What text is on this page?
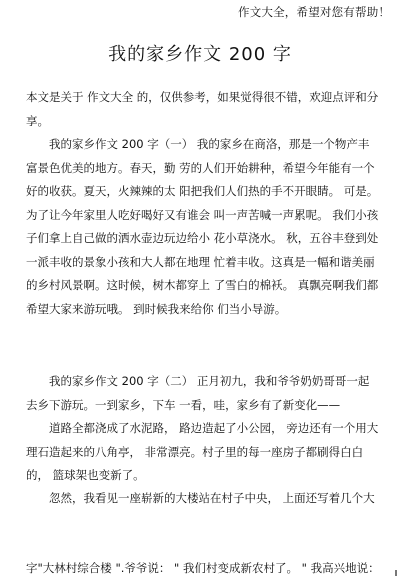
作文大全，希望对您有帮助！
我的家乡作文 200 字

本文是关于 作文大全 的，仅供参考，如果觉得很不错，欢迎点评和分 享。

我的家乡作文 200 字（一） 我的家乡在商洛，那是一个物产丰富景色优美的地方。春天，勤 劳的人们开始耕种，希望今年能有一个好的收获。夏天，火辣辣的太 阳把我们人们热的手不开眼睛。 可是。为了让今年家里人吃好喝好又有谁会 叫一声苦喊一声累呢。 我们小孩子们拿上自己做的洒水壶边玩边给小 花小草浇水。 秋，五谷丰登到处一派丰收的景象小孩和大人都在地理 忙着丰收。这真是一幅和谐美丽的乡村风景啊。这时候，树木都穿上 了雪白的棉袄。 真飘亮啊我们都希望大家来游玩哦。 到时候我来给你 们当小导游。

我的家乡作文 200 字（二） 正月初九，我和爷爷奶奶哥哥一起去乡下游玩。一到家乡，下车 一看，哇，家乡有了新变化——

道路全都浇成了水泥路， 路边造起了小公园， 旁边还有一个用大 理石造起来的八角亭， 非常漂亮。村子里的每一座房子都刷得白白的， 篮球架也变新了。

忽然，我看见一座崭新的大楼站在村子中央， 上面还写着几个大

字"大林村综合楼 ".爷爷说： " 我们村变成新农村了。 " 我高兴地说：
